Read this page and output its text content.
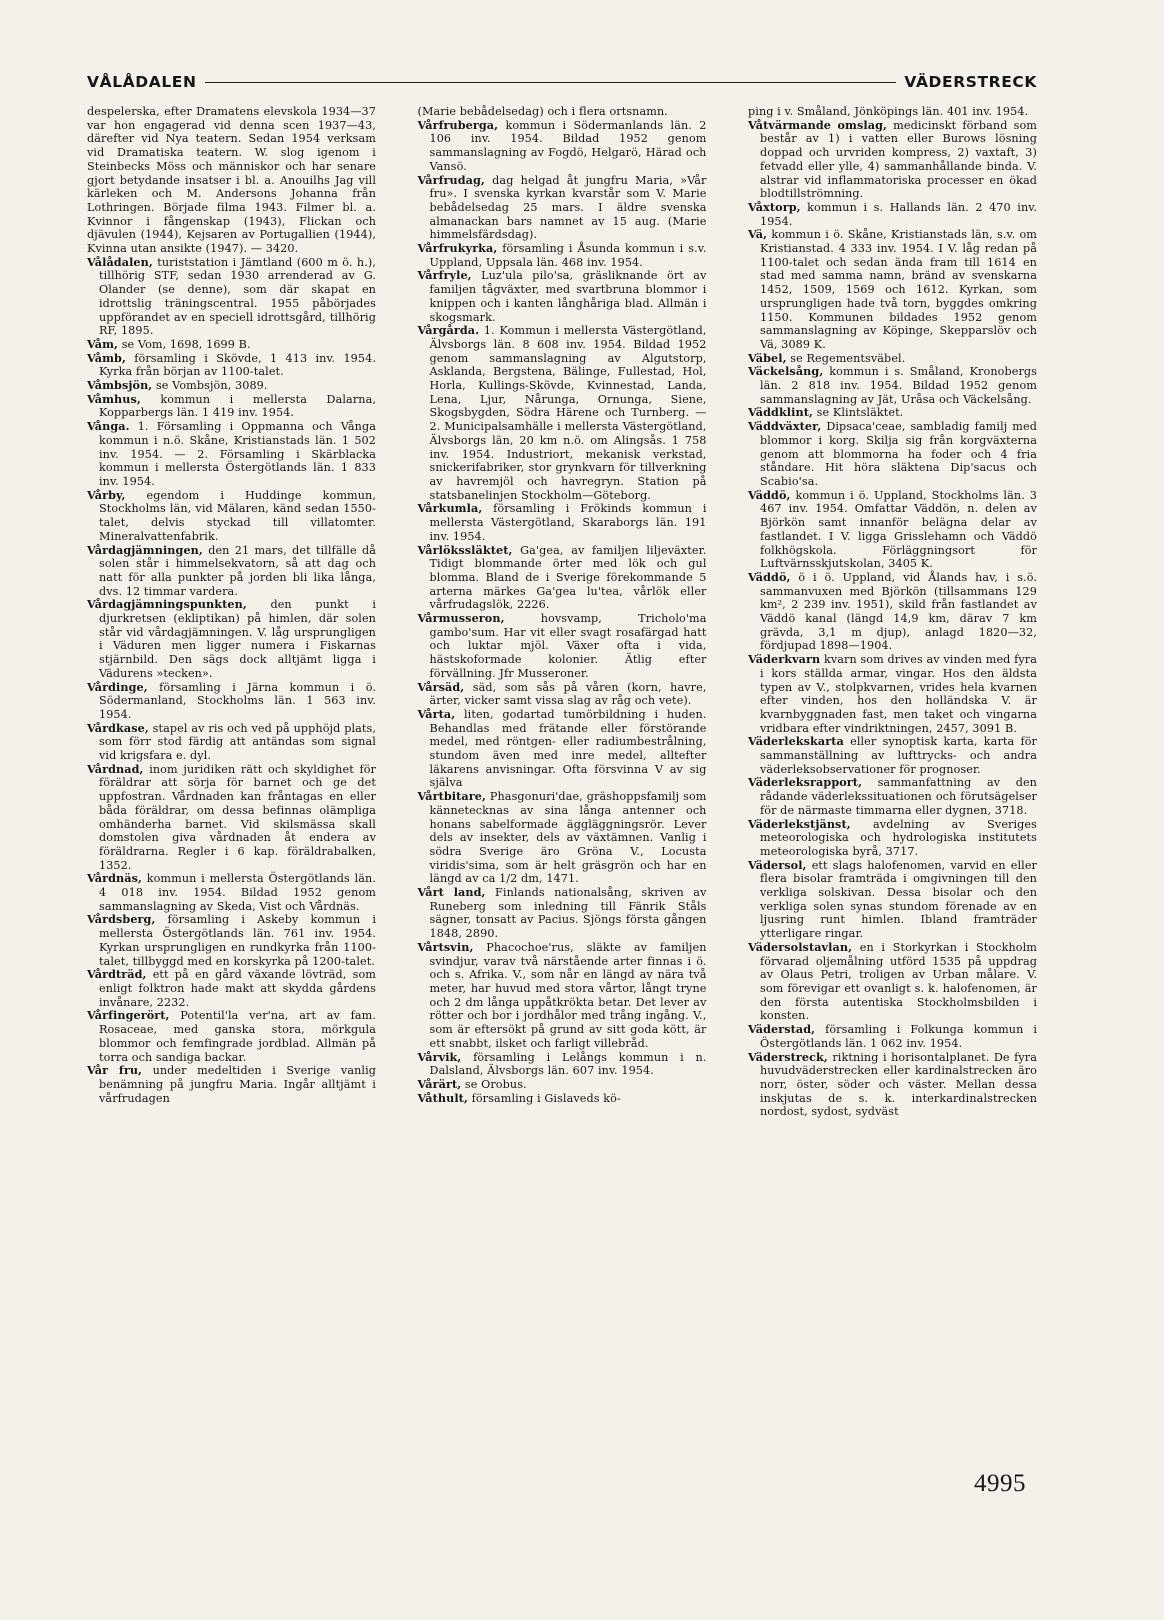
VÅLÅDALEN	VÄDERSTRECK

despelerska, efter Dramatens elevskola 1934—37 var hon engagerad vid denna scen 1937—43, därefter vid Nya teatern. Sedan 1954 verksam vid Dramatiska teatern. W. slog igenom i Steinbecks Möss och människor och har senare gjort betydande insatser i bl. a. Anouilhs Jag vill kärleken och M. Andersons Johanna från Lothringen. Började filma 1943. Filmer bl. a. Kvinnor i fångenskap (1943), Flickan och djävulen (1944), Kejsaren av Portugallien (1944), Kvinna utan ansikte (1947). — 3420.

Vålådalen, turiststation i Jämtland (600 m ö. h.), tillhörig STF, sedan 1930 arrenderad av G. Olander (se denne), som där skapat en idrottslig träningscentral. 1955 påbörjades uppförandet av en speciell idrottsgård, tillhörig RF, 1895.

Våm, se Vom, 1698, 1699 B.

Våmb, församling i Skövde, 1 413 inv. 1954. Kyrka från början av 1100-talet.

Våmbsjön, se Vombsjön, 3089.

Våmhus, kommun i mellersta Dalarna, Kopparbergs län. 1 419 inv. 1954.

Vånga. 1. Församling i Oppmanna och Vånga kommun i n.ö. Skåne, Kristianstads län. 1 502 inv. 1954. — 2. Församling i Skärblacka kommun i mellersta Östergötlands län. 1 833 inv. 1954.

Vårby, egendom i Huddinge kommun, Stockholms län, vid Mälaren, känd sedan 1550-talet, delvis styckad till villatomter. Mineralvattenfabrik.

Vårdagjämningen, den 21 mars, det tillfälle då solen står i himmelsekvatorn, så att dag och natt för alla punkter på jorden bli lika långa, dvs. 12 timmar vardera.

Vårdagjämningspunkten, den punkt i djurkretsen (ekliptikan) på himlen, där solen står vid vårdagjämningen. V. låg ursprungligen i Väduren men ligger numera i Fiskarnas stjärnbild. Den sägs dock alltjämt ligga i Vädurens »tecken».

Vårdinge, församling i Järna kommun i ö. Södermanland, Stockholms län. 1 563 inv. 1954.

Vårdkase, stapel av ris och ved på upphöjd plats, som förr stod färdig att antändas som signal vid krigsfara e. dyl.

Vårdnad, inom juridiken rätt och skyldighet för föräldrar att sörja för barnet och ge det uppfostran. Vårdnaden kan fråntagas en eller båda föräldrar, om dessa befinnas olämpliga omhänderha barnet. Vid skilsmässa skall domstolen giva vårdnaden åt endera av föräldrarna. Regler i 6 kap. föräldrabalken, 1352.

Vårdnäs, kommun i mellersta Östergötlands län. 4 018 inv. 1954. Bildad 1952 genom sammanslagning av Skeda, Vist och Vårdnäs.

Vårdsberg, församling i Askeby kommun i mellersta Östergötlands län. 761 inv. 1954. Kyrkan ursprungligen en rundkyrka från 1100-talet, tillbyggd med en korskyrka på 1200-talet.

Vårdträd, ett på en gård växande lövträd, som enligt folktron hade makt att skydda gårdens invånare, 2232.

Vårfingerört, Potentil'la ver'na, art av fam. Rosaceae, med ganska stora, mörkgula blommor och femfingrade jordblad. Allmän på torra och sandiga backar.

Vår fru, under medeltiden i Sverige vanlig benämning på jungfru Maria. Ingår alltjämt i vårfrudagen

(Marie bebådelsedag) och i flera ortsnamn.

Vårfruberga, kommun i Södermanlands län. 2 106 inv. 1954. Bildad 1952 genom sammanslagning av Fogdö, Helgarö, Härad och Vansö.

Vårfrudag, dag helgad åt jungfru Maria, »Vår fru». I svenska kyrkan kvarstår som V. Marie bebådelsedag 25 mars. I äldre svenska almanackan bars namnet av 15 aug. (Marie himmelsfärdsdag).

Vårfrukyrka, församling i Åsunda kommun i s.v. Uppland, Uppsala län. 468 inv. 1954.

Vårfryle, Luz'ula pilo'sa, gräsliknande ört av familjen tågväxter, med svartbruna blommor i knippen och i kanten långhåriga blad. Allmän i skogsmark.

Vårgårda. 1. Kommun i mellersta Västergötland, Älvsborgs län. 8 608 inv. 1954. Bildad 1952 genom sammanslagning av Algutstorp, Asklanda, Bergstena, Bälinge, Fullestad, Hol, Horla, Kullings-Skövde, Kvinnestad, Landa, Lena, Ljur, Nårunga, Ornunga, Siene, Skogsbygden, Södra Härene och Turnberg. — 2. Municipalsamhälle i mellersta Västergötland, Älvsborgs län, 20 km n.ö. om Alingsås. 1 758 inv. 1954. Industriort, mekanisk verkstad, snickerifabriker, stor grynkvarn för tillverkning av havremjöl och havregryn. Station på statsbanelinjen Stockholm—Göteborg.

Vårkumla, församling i Frökinds kommun i mellersta Västergötland, Skaraborgs län. 191 inv. 1954.

Vårlökssläktet, Ga'gea, av familjen liljeväxter. Tidigt blommande örter med lök och gul blomma. Bland de i Sverige förekommande 5 arterna märkes Ga'gea lu'tea, vårlök eller vårfrudagslök, 2226.

Vårmusseron,	hovsvamp, Tricholo'ma gambo'sum. Har vit eller svagt rosafärgad hatt och luktar mjöl. Växer ofta i vida, hästskoformade kolonier. Ätlig efter förvällning. Jfr Musseroner.

Vårsäd, säd, som sås på våren (korn, havre, ärter, vicker samt vissa slag av råg och vete).

Vårta, liten, godartad tumörbildning i huden. Behandlas med frätande eller förstörande medel, med röntgen- eller radiumbestrålning, stundom även med inre medel, alltefter läkarens anvisningar. Ofta försvinna V av sig själva

Vårtbitare, Phasgonuri'dae, gräshoppsfamilj som kännetecknas av sina långa antenner och honans sabelformade äggläggningsrör. Lever dels av insekter, dels av växtämnen. Vanlig i södra Sverige äro Gröna V., Locusta viridis'sima, som är helt gräsgrön och har en längd av ca 1/2 dm, 1471.

Vårt land, Finlands nationalsång, skriven av Runeberg som inledning till Fänrik Ståls sägner, tonsatt av Pacius. Sjöngs första gången 1848, 2890.

Vårtsvin, Phacochoe'rus, släkte av familjen svindjur, varav två närstående arter finnas i ö. och s. Afrika. V., som når en längd av nära två meter, har huvud med stora vårtor, långt tryne och 2 dm långa uppåtkrökta betar. Det lever av rötter och bor i jordhålor med trång ingång. V., som är eftersökt på grund av sitt goda kött, är ett snabbt, ilsket och farligt villebråd.

Vårvik, församling i Lelångs kommun i n. Dalsland, Älvsborgs län. 607 inv. 1954.

Vårärt, se Orobus.

Våthult, församling i Gislaveds kö-

ping i v. Småland, Jönköpings län. 401 inv. 1954.

Våtvärmande omslag, medicinskt förband som består av 1) i vatten eller Burows lösning doppad och urvriden kompress, 2) vaxtaft, 3) fetvadd eller ylle, 4) sammanhållande binda. V. alstrar vid inflammatoriska processer en ökad blodtillströmning.

Våxtorp, kommun i s. Hallands län. 2 470 inv. 1954.

Vä, kommun i ö. Skåne, Kristianstads län, s.v. om Kristianstad. 4 333 inv. 1954. I V. låg redan på 1100-talet och sedan ända fram till 1614 en stad med samma namn, bränd av svenskarna 1452, 1509, 1569 och 1612. Kyrkan, som ursprungligen hade två torn, byggdes omkring 1150. Kommunen bildades 1952 genom sammanslagning av Köpinge, Skepparslöv och Vä, 3089 K.

Väbel, se Regementsväbel.

Väckelsång, kommun i s. Småland, Kronobergs län. 2 818 inv. 1954. Bildad 1952 genom sammanslagning av Jät, Uråsa och Väckelsång.

Väddklint, se Klintsläktet.

Väddväxter, Dipsaca'ceae, sambladig familj med blommor i korg. Skilja sig från korgväxterna genom att blommorna ha foder och 4 fria ståndare. Hit höra släktena Dip'sacus och Scabio'sa.

Väddö, kommun i ö. Uppland, Stockholms län. 3 467 inv. 1954. Omfattar Väddön, n. delen av Björkön samt innanför belägna delar av fastlandet. I V. ligga Grisslehamn och Väddö folkhögskola. Förläggningsort för Luftvärnsskjutskolan, 3405 K.

Väddö, ö i ö. Uppland, vid Ålands hav, i s.ö. sammanvuxen med Björkön (tillsammans 129 km², 2 239 inv. 1951), skild från fastlandet av Väddö kanal (längd 14,9 km, därav 7 km grävda, 3,1 m djup), anlagd 1820—32, fördjupad 1898—1904.

Väderkvarn kvarn som drives av vinden med fyra i kors ställda armar, vingar. Hos den äldsta typen av V., stolpkvarnen, vrides hela kvarnen efter vinden, hos den holländska V. är kvarnbyggnaden fast, men taket och vingarna vridbara efter vindriktningen, 2457, 3091 B.

Väderlekskarta eller synoptisk karta, karta för sammanställning av lufttrycks- och andra väderleksobservationer för prognoser.

Väderleksrapport, sammanfattning av den rådande väderlekssituationen och förutsägelser för de närmaste timmarna eller dygnen, 3718.

Väderlekstjänst, avdelning av Sveriges meteorologiska och hydrologiska institutets meteorologiska byrå, 3717.

Vädersol, ett slags halofenomen, varvid en eller flera bisolar framträda i omgivningen till den verkliga solskivan. Dessa bisolar och den verkliga solen synas stundom förenade av en ljusring runt himlen. Ibland framträder ytterligare ringar.

Vädersolstavlan, en i Storkyrkan i Stockholm förvarad oljemålning utförd 1535 på uppdrag av Olaus Petri, troligen av Urban målare. V. som förevigar ett ovanligt s. k. halofenomen, är den första autentiska Stockholmsbilden i konsten.

Väderstad, församling i Folkunga kommun i Östergötlands län. 1 062 inv. 1954.

Väderstreck, riktning i horisontalplanet. De fyra huvudväderstrecken eller kardinalstrecken äro norr, öster, söder och väster. Mellan dessa inskjutas de s. k. interkardinalstrecken nordost, sydost, sydväst

4995
